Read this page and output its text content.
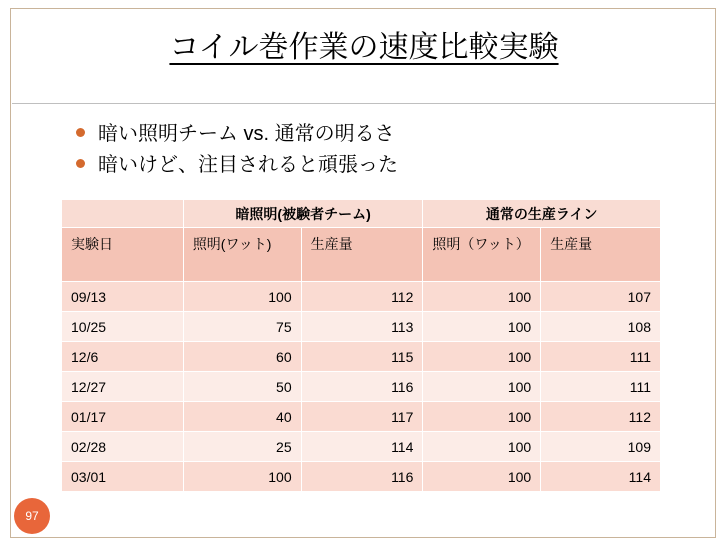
コイル巻作業の速度比較実験
暗い照明チーム vs. 通常の明るさ
暗いけど、注目されると頑張った
	暗照明(被験者チーム)		通常の生産ライン	
実験日	照明(ワット)	生産量	照明（ワット）	生産量
09/13	100	112	100	107
10/25	75	113	100	108
12/6	60	115	100	111
12/27	50	116	100	111
01/17	40	117	100	112
02/28	25	114	100	109
03/01	100	116	100	114
97
